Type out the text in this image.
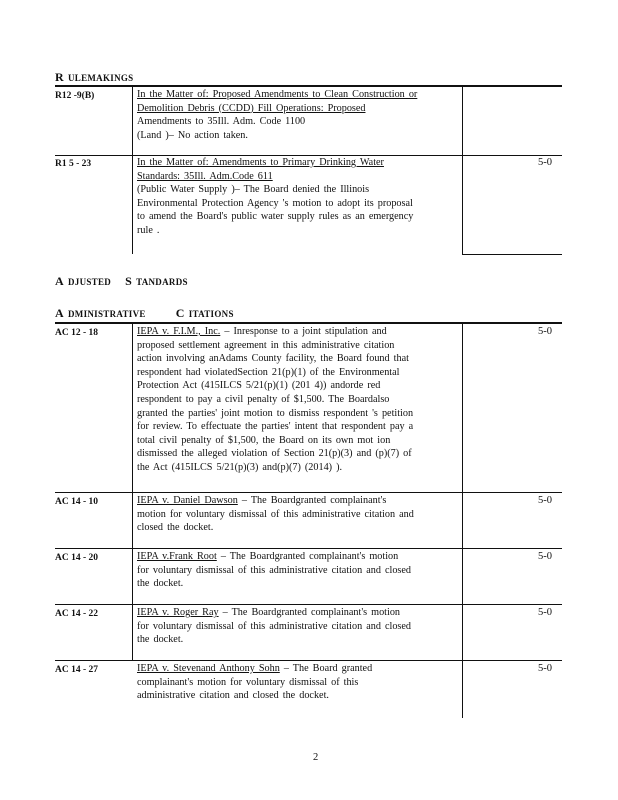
R ULEMAKINGS
R12 -9(B)	In the Matter of: Proposed Amendments to Clean Construction or
Demolition Debris (CCDD) Fill Operations: Proposed
Amendments to 35Ill. Adm. Code 1100
(Land )– No action taken.
R1 5 - 23	In the Matter of: Amendments to Primary Drinking Water
Standards: 35Ill. Adm.Code 611
(Public Water Supply )– The Board denied the Illinois
Environmental Protection Agency 's motion to adopt its proposal
to amend the Board's public water supply rules as an emergency
rule .
5-0
A DJUSTED S TANDARDS
A DMINISTRATIVE	C ITATIONS
AC 12 - 18	IEPA v. F.I.M., Inc. – Inresponse to a joint stipulation and
proposed settlement agreement in this administrative citation
action involving anAdams County facility, the Board found that
respondent had violatedSection 21(p)(1) of the Environmental
Protection Act (415ILCS 5/21(p)(1) (201 4)) andorde red
respondent to pay a civil penalty of $1,500. The Boardalso
granted the parties' joint motion to dismiss respondent 's petition
for review. To effectuate the parties' intent that respondent pay a
total civil penalty of $1,500, the Board on its own mot ion
dismissed the alleged violation of Section 21(p)(3) and (p)(7) of
the Act (415ILCS 5/21(p)(3) and(p)(7) (2014) ).
5-0
AC 14 - 10	IEPA v. Daniel Dawson – The Boardgranted complainant's
motion for voluntary dismissal of this administrative citation and
closed the docket.
5-0
AC 14 - 20	IEPA v.Frank Root – The Boardgranted complainant's motion
for voluntary dismissal of this administrative citation and closed
the docket.
5-0
AC 14 - 22	IEPA v. Roger Ray – The Boardgranted complainant's motion
for voluntary dismissal of this administrative citation and closed
the docket.
5-0
AC 14 - 27	IEPA v. Stevenand Anthony Sohn – The Board granted
complainant's motion for voluntary dismissal of this
administrative citation and closed the docket.
5-0
2
